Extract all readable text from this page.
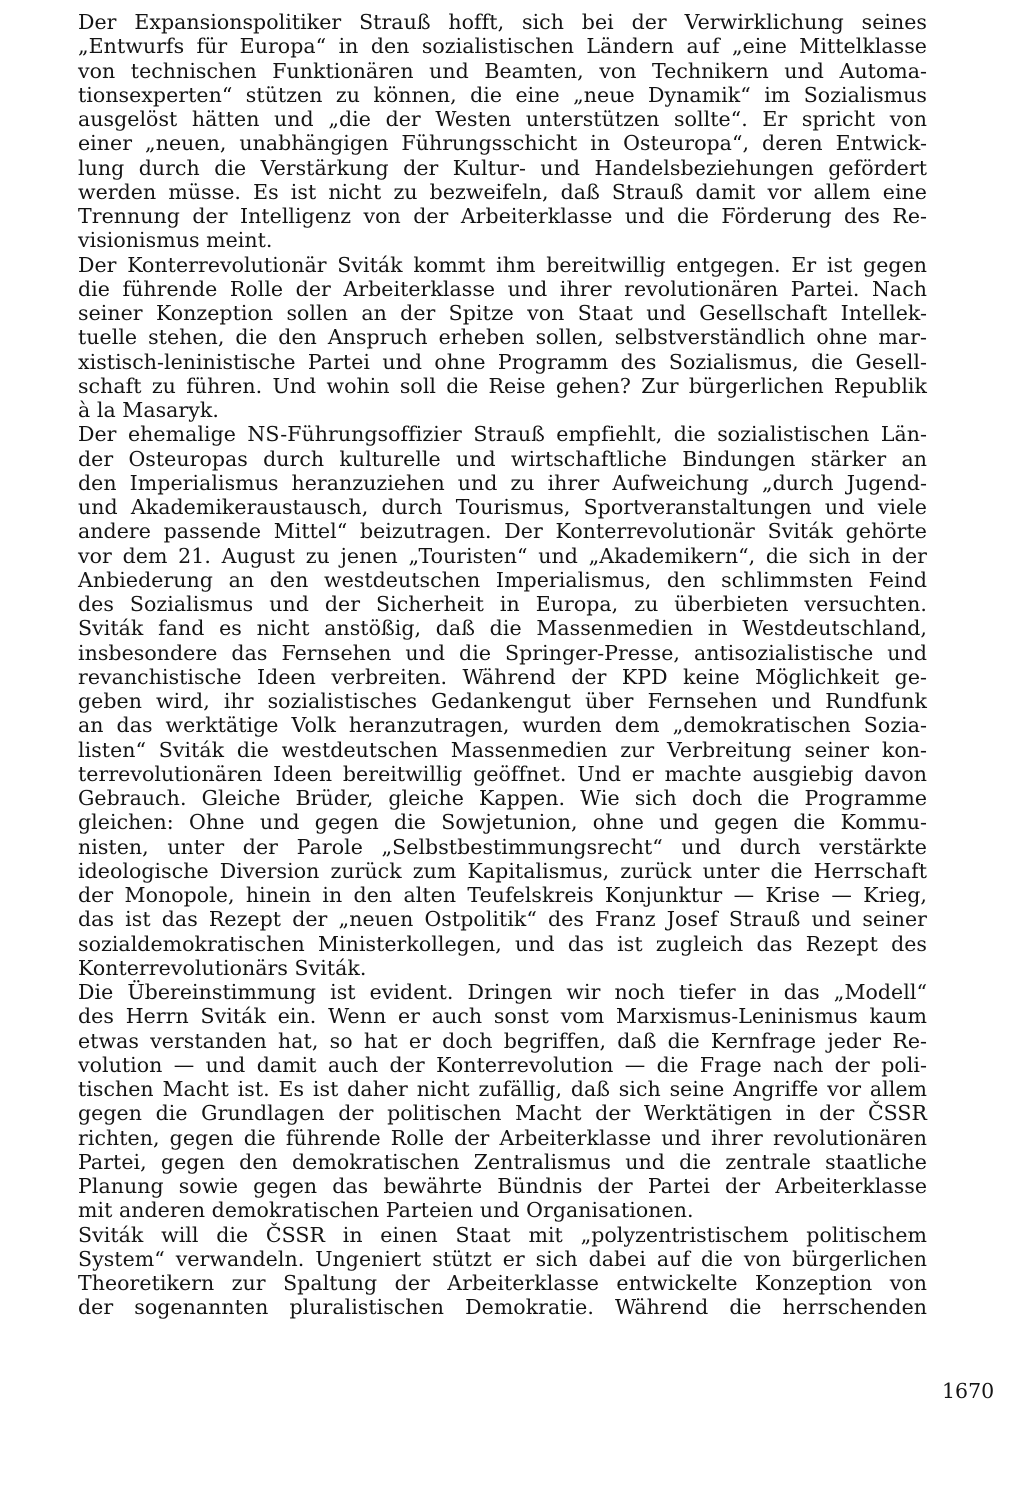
Der Expansionspolitiker Strauß hofft, sich bei der Verwirklichung seines
„Entwurfs für Europa“ in den sozialistischen Ländern auf „eine Mittelklasse
von technischen Funktionären und Beamten, von Technikern und Automa-
tionsexperten“ stützen zu können, die eine „neue Dynamik“ im Sozialismus
ausgelöst hätten und „die der Westen unterstützen sollte“. Er spricht von
einer „neuen, unabhängigen Führungsschicht in Osteuropa“, deren Entwick-
lung durch die Verstärkung der Kultur- und Handelsbeziehungen gefördert
werden müsse. Es ist nicht zu bezweifeln, daß Strauß damit vor allem eine
Trennung der Intelligenz von der Arbeiterklasse und die Förderung des Re-
visionismus meint.
Der Konterrevolutionär Sviták kommt ihm bereitwillig entgegen. Er ist gegen
die führende Rolle der Arbeiterklasse und ihrer revolutionären Partei. Nach
seiner Konzeption sollen an der Spitze von Staat und Gesellschaft Intellek-
tuelle stehen, die den Anspruch erheben sollen, selbstverständlich ohne mar-
xistisch-leninistische Partei und ohne Programm des Sozialismus, die Gesell-
schaft zu führen. Und wohin soll die Reise gehen? Zur bürgerlichen Republik
à la Masaryk.
Der ehemalige NS-Führungsoffizier Strauß empfiehlt, die sozialistischen Län-
der Osteuropas durch kulturelle und wirtschaftliche Bindungen stärker an
den Imperialismus heranzuziehen und zu ihrer Aufweichung „durch Jugend-
und Akademikeraustausch, durch Tourismus, Sportveranstaltungen und viele
andere passende Mittel“ beizutragen. Der Konterrevolutionär Sviták gehörte
vor dem 21. August zu jenen „Touristen“ und „Akademikern“, die sich in der
Anbiederung an den westdeutschen Imperialismus, den schlimmsten Feind
des Sozialismus und der Sicherheit in Europa, zu überbieten versuchten.
Sviták fand es nicht anstößig, daß die Massenmedien in Westdeutschland,
insbesondere das Fernsehen und die Springer-Presse, antisozialistische und
revanchistische Ideen verbreiten. Während der KPD keine Möglichkeit ge-
geben wird, ihr sozialistisches Gedankengut über Fernsehen und Rundfunk
an das werktätige Volk heranzutragen, wurden dem „demokratischen Sozia-
listen“ Sviták die westdeutschen Massenmedien zur Verbreitung seiner kon-
terrevolutionären Ideen bereitwillig geöffnet. Und er machte ausgiebig davon
Gebrauch. Gleiche Brüder, gleiche Kappen. Wie sich doch die Programme
gleichen: Ohne und gegen die Sowjetunion, ohne und gegen die Kommu-
nisten, unter der Parole „Selbstbestimmungsrecht“ und durch verstärkte
ideologische Diversion zurück zum Kapitalismus, zurück unter die Herrschaft
der Monopole, hinein in den alten Teufelskreis Konjunktur — Krise — Krieg,
das ist das Rezept der „neuen Ostpolitik“ des Franz Josef Strauß und seiner
sozialdemokratischen Ministerkollegen, und das ist zugleich das Rezept des
Konterrevolutionärs Sviták.
Die Übereinstimmung ist evident. Dringen wir noch tiefer in das „Modell“
des Herrn Sviták ein. Wenn er auch sonst vom Marxismus-Leninismus kaum
etwas verstanden hat, so hat er doch begriffen, daß die Kernfrage jeder Re-
volution — und damit auch der Konterrevolution — die Frage nach der poli-
tischen Macht ist. Es ist daher nicht zufällig, daß sich seine Angriffe vor allem
gegen die Grundlagen der politischen Macht der Werktätigen in der ČSSR
richten, gegen die führende Rolle der Arbeiterklasse und ihrer revolutionären
Partei, gegen den demokratischen Zentralismus und die zentrale staatliche
Planung sowie gegen das bewährte Bündnis der Partei der Arbeiterklasse
mit anderen demokratischen Parteien und Organisationen.
Sviták will die ČSSR in einen Staat mit „polyzentristischem politischem
System“ verwandeln. Ungeniert stützt er sich dabei auf die von bürgerlichen
Theoretikern zur Spaltung der Arbeiterklasse entwickelte Konzeption von
der sogenannten pluralistischen Demokratie. Während die herrschenden
1670
